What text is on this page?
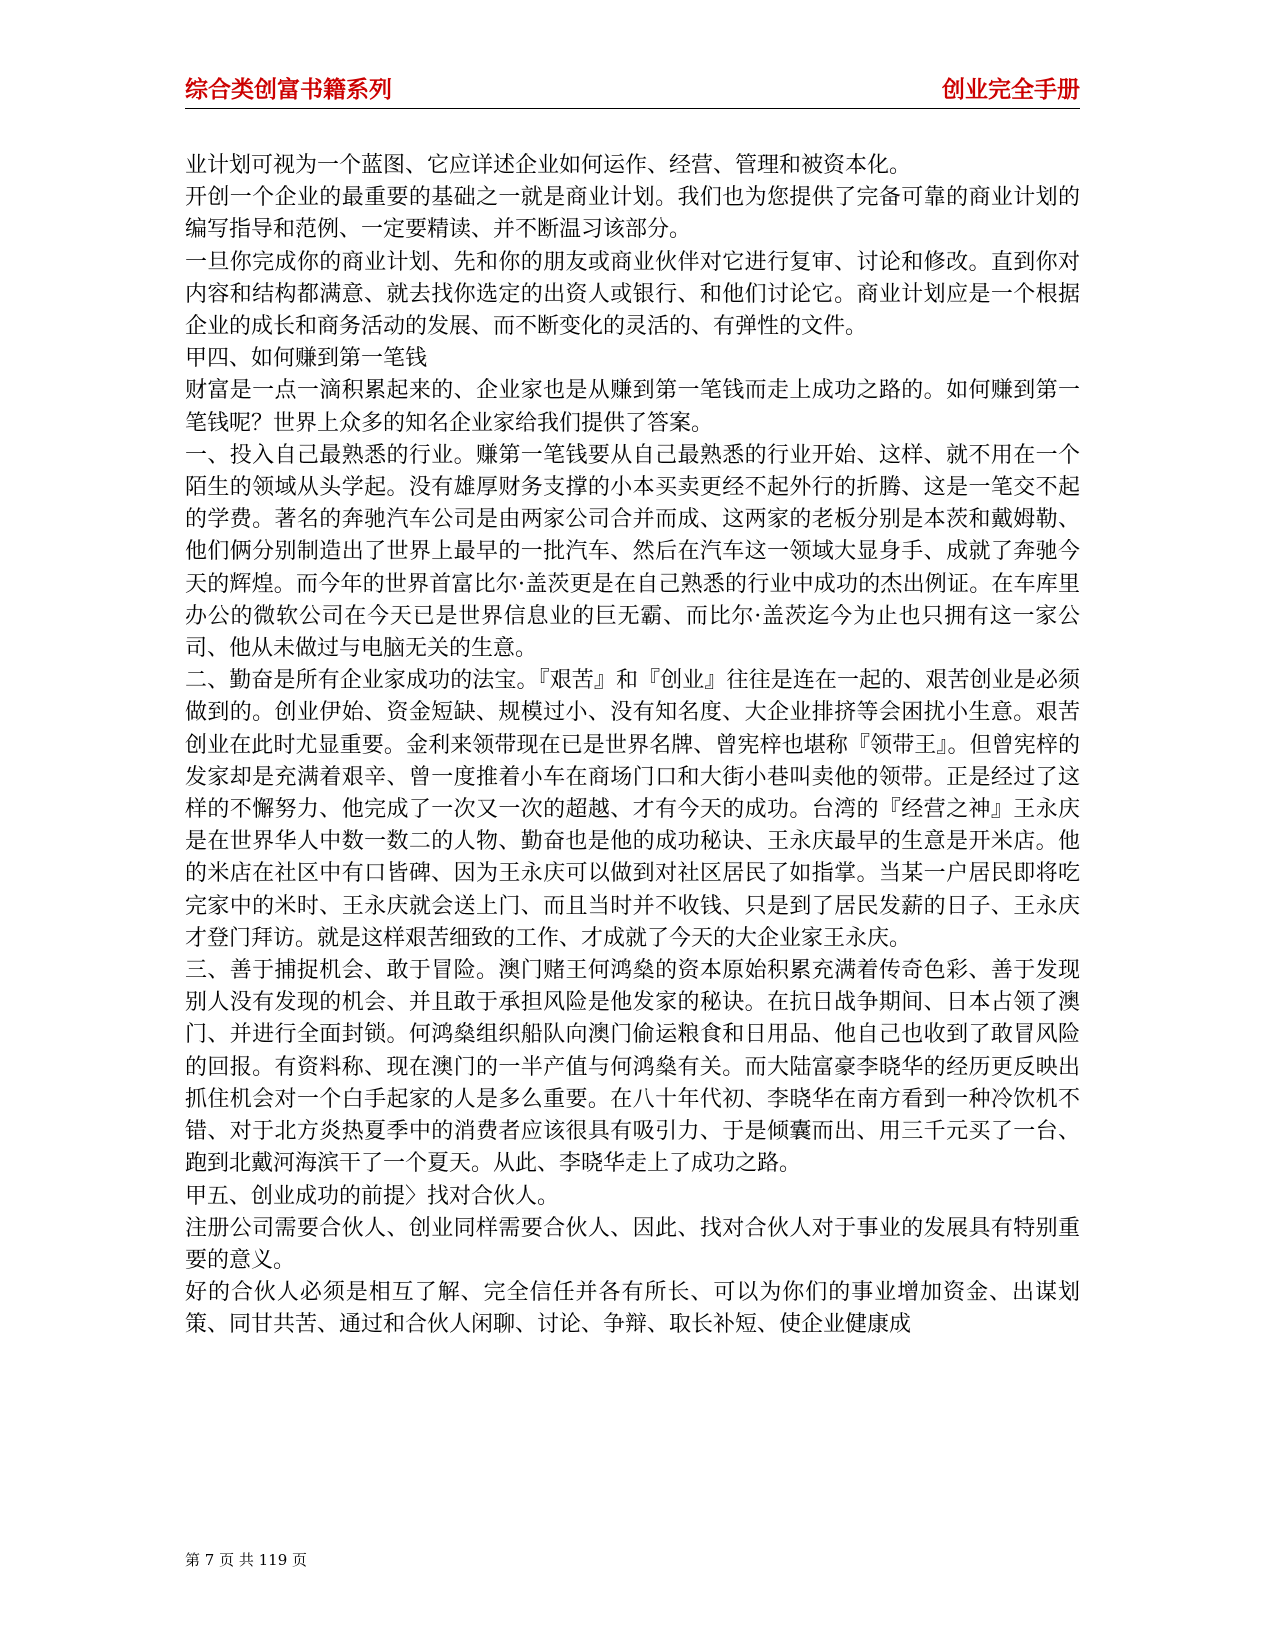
综合类创富书籍系列	创业完全手册

业计划可视为一个蓝图、它应详述企业如何运作、经营、管理和被资本化。

开创一个企业的最重要的基础之一就是商业计划。我们也为您提供了完备可靠的商业计划的编写指导和范例、一定要精读、并不断温习该部分。

一旦你完成你的商业计划、先和你的朋友或商业伙伴对它进行复审、讨论和修改。直到你对内容和结构都满意、就去找你选定的出资人或银行、和他们讨论它。商业计划应是一个根据企业的成长和商务活动的发展、而不断变化的灵活的、有弹性的文件。

甲四、如何赚到第一笔钱

财富是一点一滴积累起来的、企业家也是从赚到第一笔钱而走上成功之路的。如何赚到第一笔钱呢？世界上众多的知名企业家给我们提供了答案。

一、投入自己最熟悉的行业。赚第一笔钱要从自己最熟悉的行业开始、这样、就不用在一个陌生的领域从头学起。没有雄厚财务支撑的小本买卖更经不起外行的折腾、这是一笔交不起的学费。著名的奔驰汽车公司是由两家公司合并而成、这两家的老板分别是本茨和戴姆勒、他们俩分别制造出了世界上最早的一批汽车、然后在汽车这一领域大显身手、成就了奔驰今天的辉煌。而今年的世界首富比尔·盖茨更是在自己熟悉的行业中成功的杰出例证。在车库里办公的微软公司在今天已是世界信息业的巨无霸、而比尔·盖茨迄今为止也只拥有这一家公司、他从未做过与电脑无关的生意。

二、勤奋是所有企业家成功的法宝。『艰苦』和『创业』往往是连在一起的、艰苦创业是必须做到的。创业伊始、资金短缺、规模过小、没有知名度、大企业排挤等会困扰小生意。艰苦创业在此时尤显重要。金利来领带现在已是世界名牌、曾宪梓也堪称『领带王』。但曾宪梓的发家却是充满着艰辛、曾一度推着小车在商场门口和大街小巷叫卖他的领带。正是经过了这样的不懈努力、他完成了一次又一次的超越、才有今天的成功。台湾的『经营之神』王永庆是在世界华人中数一数二的人物、勤奋也是他的成功秘诀、王永庆最早的生意是开米店。他的米店在社区中有口皆碑、因为王永庆可以做到对社区居民了如指掌。当某一户居民即将吃完家中的米时、王永庆就会送上门、而且当时并不收钱、只是到了居民发薪的日子、王永庆才登门拜访。就是这样艰苦细致的工作、才成就了今天的大企业家王永庆。

三、善于捕捉机会、敢于冒险。澳门赌王何鸿燊的资本原始积累充满着传奇色彩、善于发现别人没有发现的机会、并且敢于承担风险是他发家的秘诀。在抗日战争期间、日本占领了澳门、并进行全面封锁。何鸿燊组织船队向澳门偷运粮食和日用品、他自己也收到了敢冒风险的回报。有资料称、现在澳门的一半产值与何鸿燊有关。而大陆富豪李晓华的经历更反映出抓住机会对一个白手起家的人是多么重要。在八十年代初、李晓华在南方看到一种冷饮机不错、对于北方炎热夏季中的消费者应该很具有吸引力、于是倾囊而出、用三千元买了一台、跑到北戴河海滨干了一个夏天。从此、李晓华走上了成功之路。

甲五、创业成功的前提〉找对合伙人。

注册公司需要合伙人、创业同样需要合伙人、因此、找对合伙人对于事业的发展具有特别重要的意义。

好的合伙人必须是相互了解、完全信任并各有所长、可以为你们的事业增加资金、出谋划策、同甘共苦、通过和合伙人闲聊、讨论、争辩、取长补短、使企业健康成

第 7 页 共 119 页
